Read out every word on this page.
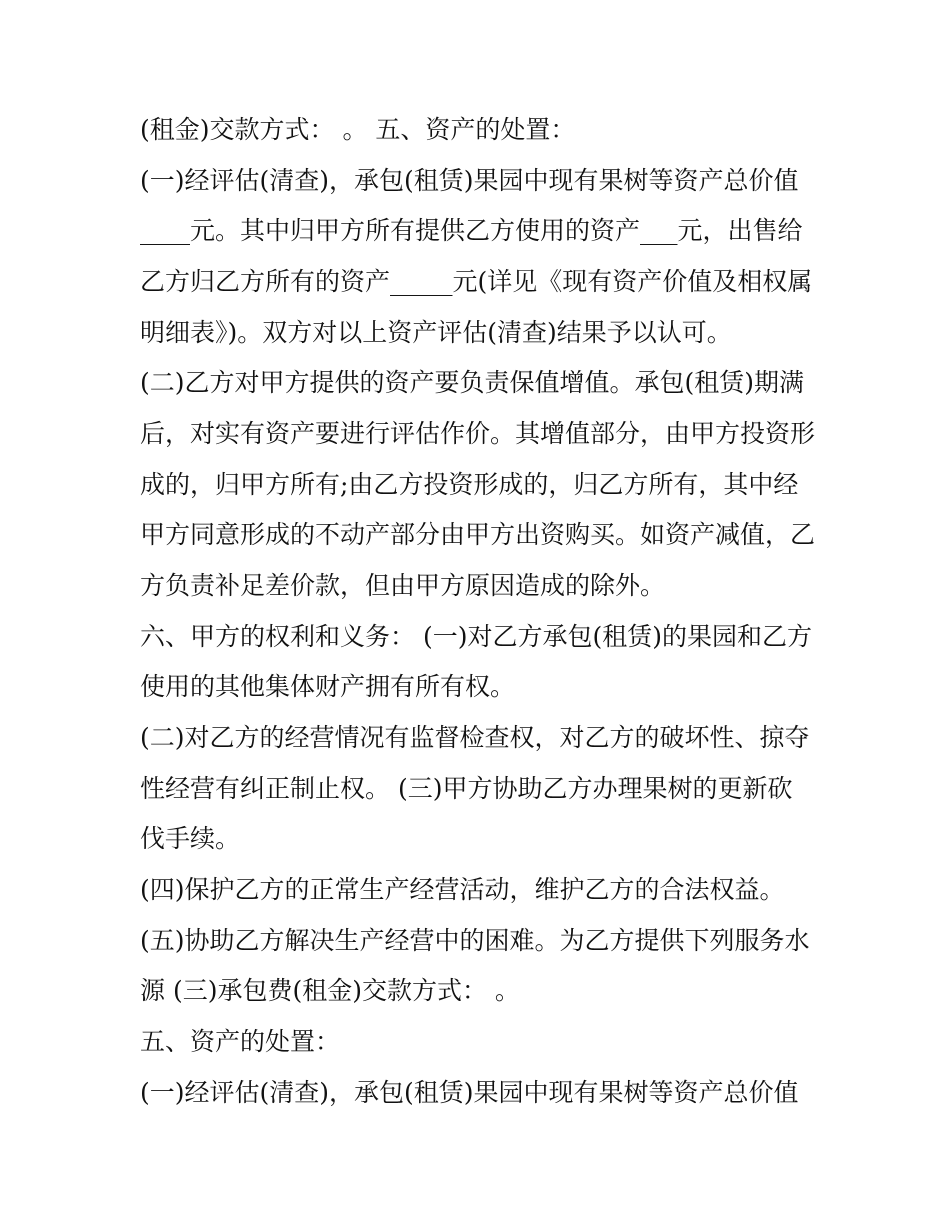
(租金)交款方式： 。 五、资产的处置：
(一)经评估(清查)，承包(租赁)果园中现有果树等资产总价值
____元。其中归甲方所有提供乙方使用的资产___元，出售给
乙方归乙方所有的资产_____元(详见《现有资产价值及相权属
明细表》)。双方对以上资产评估(清查)结果予以认可。
(二)乙方对甲方提供的资产要负责保值增值。承包(租赁)期满
后，对实有资产要进行评估作价。其增值部分，由甲方投资形
成的，归甲方所有;由乙方投资形成的，归乙方所有，其中经
甲方同意形成的不动产部分由甲方出资购买。如资产减值，乙
方负责补足差价款，但由甲方原因造成的除外。
六、甲方的权利和义务： (一)对乙方承包(租赁)的果园和乙方
使用的其他集体财产拥有所有权。
(二)对乙方的经营情况有监督检查权，对乙方的破坏性、掠夺
性经营有纠正制止权。 (三)甲方协助乙方办理果树的更新砍
伐手续。
(四)保护乙方的正常生产经营活动，维护乙方的合法权益。
(五)协助乙方解决生产经营中的困难。为乙方提供下列服务水
源 (三)承包费(租金)交款方式： 。
五、资产的处置：
(一)经评估(清查)，承包(租赁)果园中现有果树等资产总价值
